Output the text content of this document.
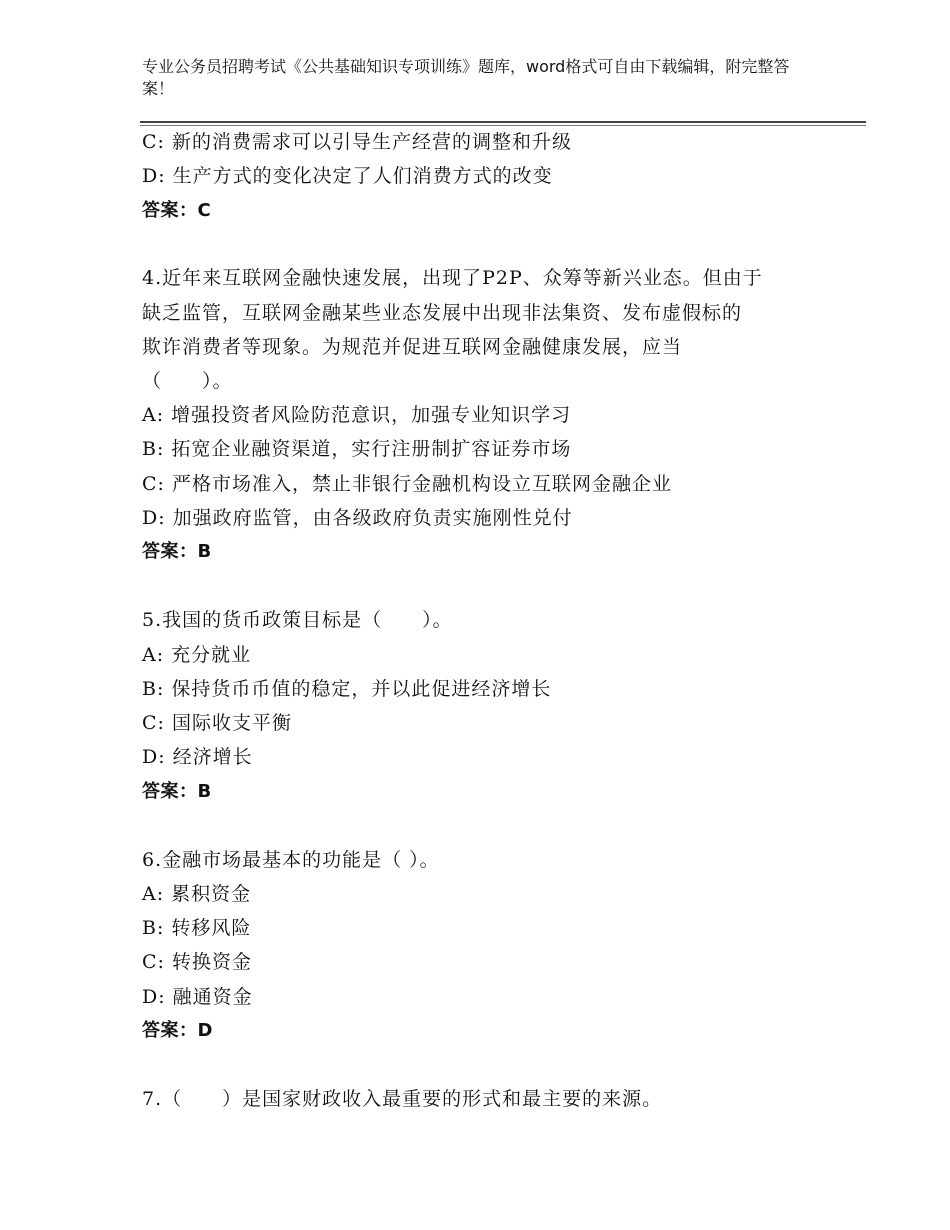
专业公务员招聘考试《公共基础知识专项训练》题库，word格式可自由下载编辑，附完整答案！
C: 新的消费需求可以引导生产经营的调整和升级
D: 生产方式的变化决定了人们消费方式的改变
答案：C
4.近年来互联网金融快速发展，出现了P2P、众筹等新兴业态。但由于
缺乏监管，互联网金融某些业态发展中出现非法集资、发布虚假标的
欺诈消费者等现象。为规范并促进互联网金融健康发展，应当
（　　）。
A: 增强投资者风险防范意识，加强专业知识学习
B: 拓宽企业融资渠道，实行注册制扩容证券市场
C: 严格市场准入，禁止非银行金融机构设立互联网金融企业
D: 加强政府监管，由各级政府负责实施刚性兑付
答案：B
5.我国的货币政策目标是（　　）。
A: 充分就业
B: 保持货币币值的稳定，并以此促进经济增长
C: 国际收支平衡
D: 经济增长
答案：B
6.金融市场最基本的功能是（ ）。
A: 累积资金
B: 转移风险
C: 转换资金
D: 融通资金
答案：D
7.（　　）是国家财政收入最重要的形式和最主要的来源。
